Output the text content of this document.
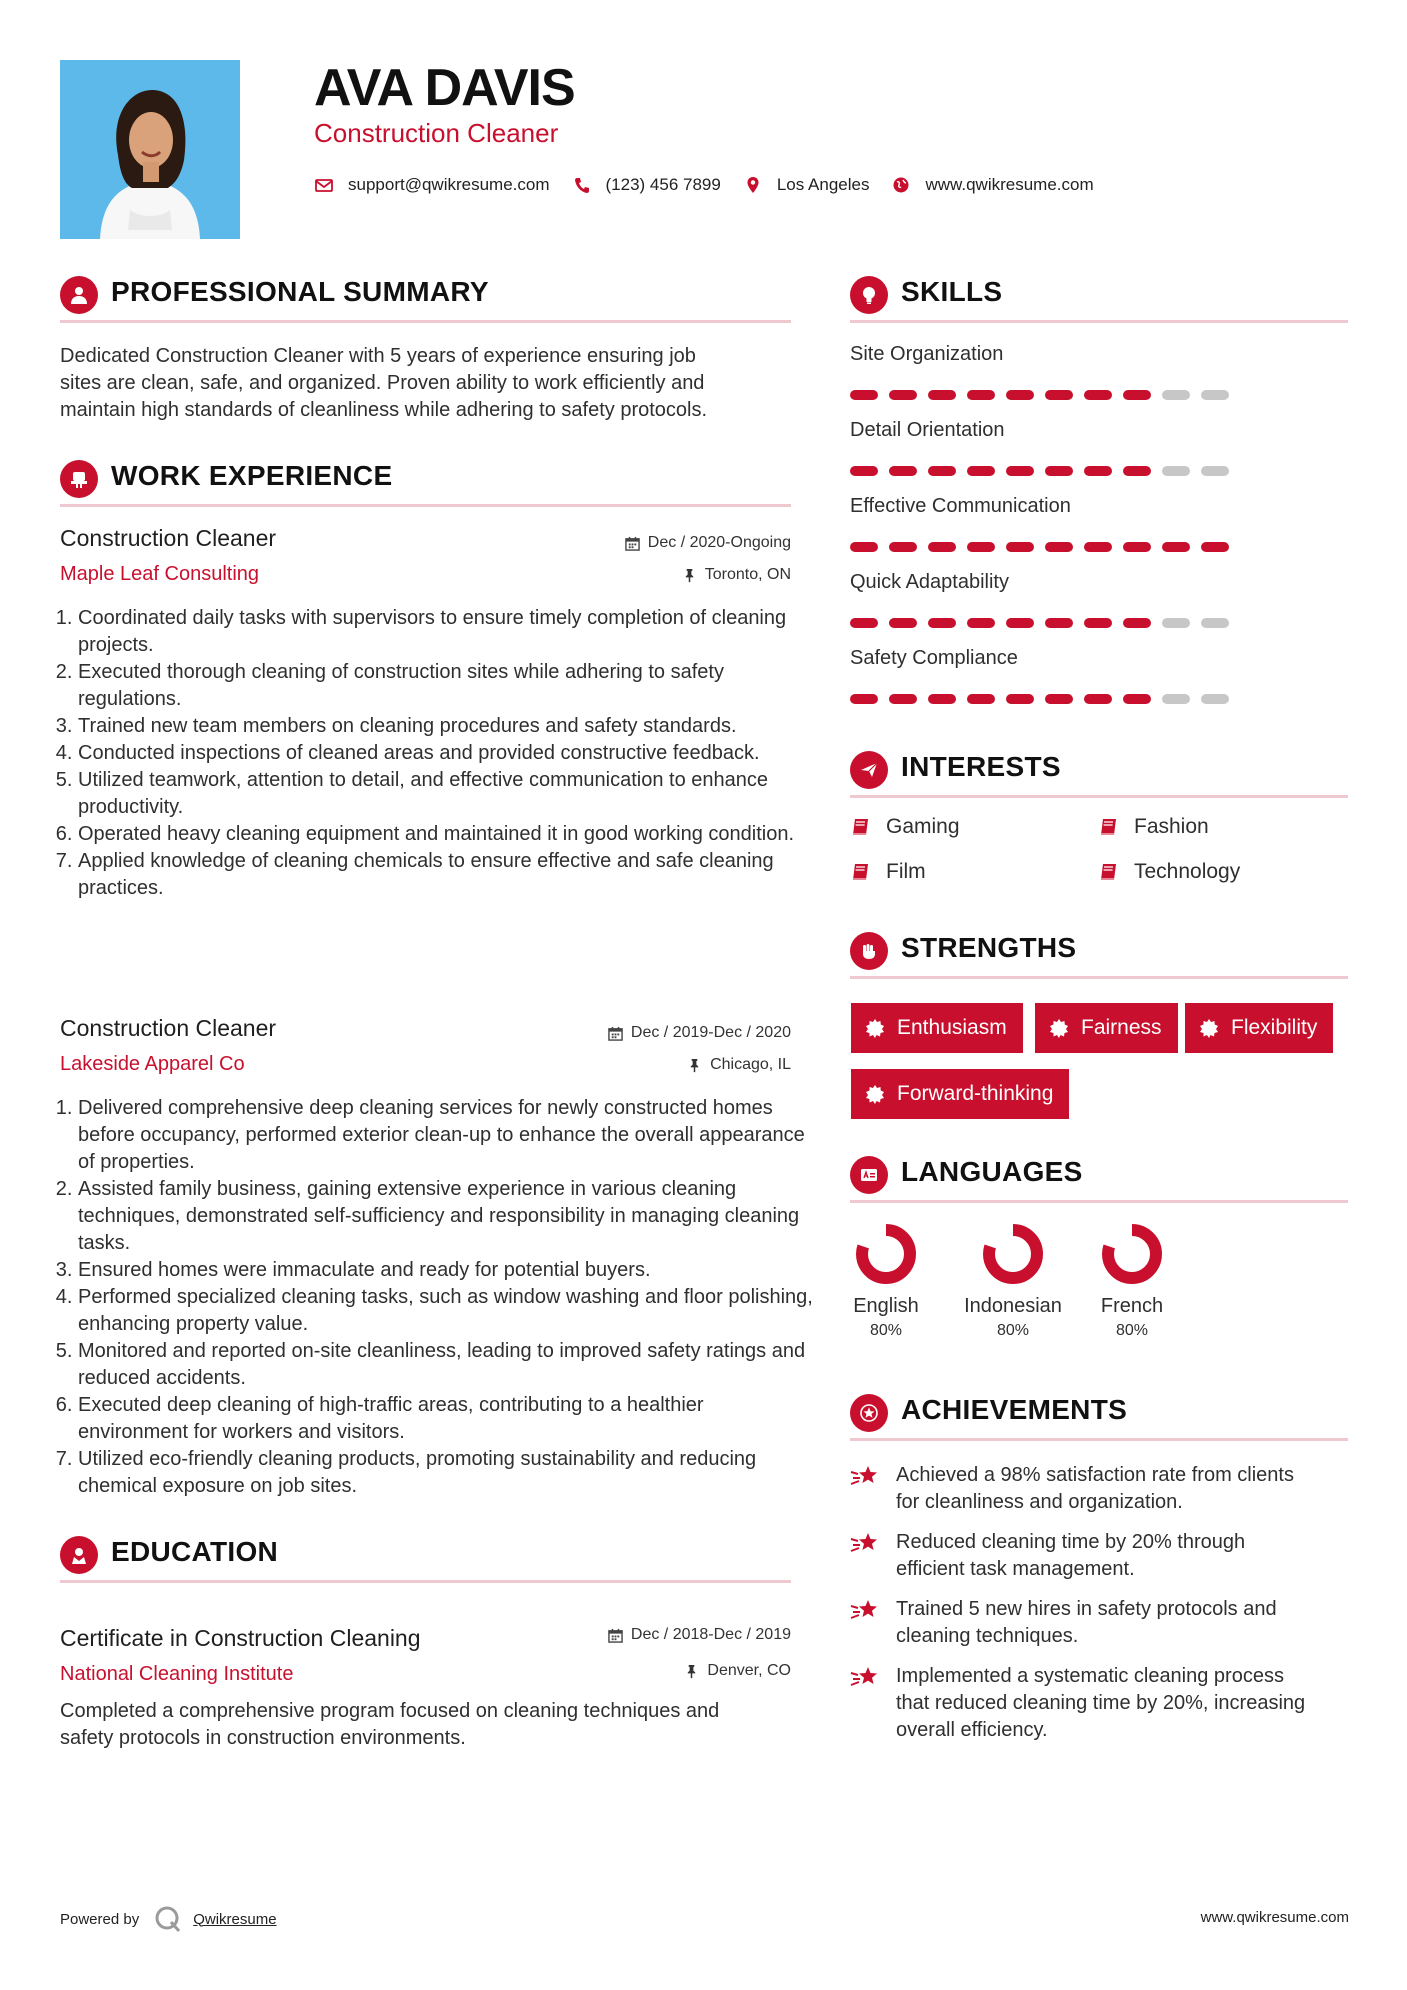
AVA DAVIS
Construction Cleaner
support@qwikresume.com	(123) 456 7899	Los Angeles	www.qwikresume.com
PROFESSIONAL SUMMARY
Dedicated Construction Cleaner with 5 years of experience ensuring job
sites are clean, safe, and organized. Proven ability to work efficiently and
maintain high standards of cleanliness while adhering to safety protocols.
WORK EXPERIENCE
Construction Cleaner	Dec / 2020-Ongoing
Maple Leaf Consulting	Toronto, ON
1. Coordinated daily tasks with supervisors to ensure timely completion of cleaning projects.
2. Executed thorough cleaning of construction sites while adhering to safety regulations.
3. Trained new team members on cleaning procedures and safety standards.
4. Conducted inspections of cleaned areas and provided constructive feedback.
5. Utilized teamwork, attention to detail, and effective communication to enhance productivity.
6. Operated heavy cleaning equipment and maintained it in good working condition.
7. Applied knowledge of cleaning chemicals to ensure effective and safe cleaning practices.
Construction Cleaner	Dec / 2019-Dec / 2020
Lakeside Apparel Co	Chicago, IL
1. Delivered comprehensive deep cleaning services for newly constructed homes before occupancy, performed exterior clean-up to enhance the overall appearance of properties.
2. Assisted family business, gaining extensive experience in various cleaning techniques, demonstrated self-sufficiency and responsibility in managing cleaning tasks.
3. Ensured homes were immaculate and ready for potential buyers.
4. Performed specialized cleaning tasks, such as window washing and floor polishing, enhancing property value.
5. Monitored and reported on-site cleanliness, leading to improved safety ratings and reduced accidents.
6. Executed deep cleaning of high-traffic areas, contributing to a healthier environment for workers and visitors.
7. Utilized eco-friendly cleaning products, promoting sustainability and reducing chemical exposure on job sites.
EDUCATION
Certificate in Construction Cleaning	Dec / 2018-Dec / 2019
National Cleaning Institute	Denver, CO
Completed a comprehensive program focused on cleaning techniques and
safety protocols in construction environments.
SKILLS
Site Organization
Detail Orientation
Effective Communication
Quick Adaptability
Safety Compliance
INTERESTS
Gaming	Fashion
Film	Technology
STRENGTHS
Enthusiasm	Fairness	Flexibility
Forward-thinking
LANGUAGES
English
80%
Indonesian
80%
French
80%
ACHIEVEMENTS
Achieved a 98% satisfaction rate from clients
for cleanliness and organization.
Reduced cleaning time by 20% through
efficient task management.
Trained 5 new hires in safety protocols and
cleaning techniques.
Implemented a systematic cleaning process
that reduced cleaning time by 20%, increasing
overall efficiency.
Powered by	Qwikresume	www.qwikresume.com
